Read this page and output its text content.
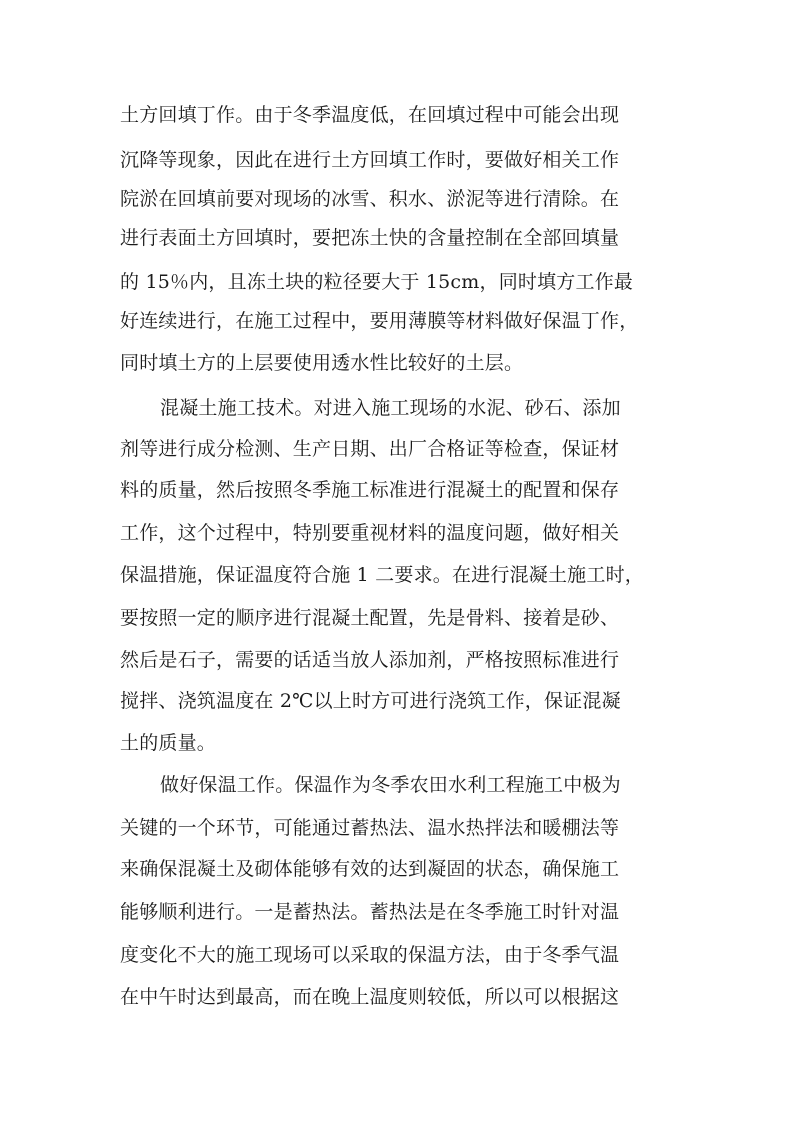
土方回填丁作。由于冬季温度低，在回填过程中可能会出现
沉降等现象，因此在进行土方回填工作时，要做好相关工作
院淤在回填前要对现场的冰雪、积水、淤泥等进行清除。在
进行表面土方回填时，要把冻土快的含量控制在全部回填量
的 15％内，且冻土块的粒径要大于 15cm，同时填方工作最
好连续进行，在施工过程中，要用薄膜等材料做好保温丁作，
同时填土方的上层要使用透水性比较好的土层。
混凝土施工技术。对进入施工现场的水泥、砂石、添加
剂等进行成分检测、生产日期、出厂合格证等检查，保证材
料的质量，然后按照冬季施工标准进行混凝土的配置和保存
工作，这个过程中，特别要重视材料的温度问题，做好相关
保温措施，保证温度符合施 1 二要求。在进行混凝土施工时，
要按照一定的顺序进行混凝土配置，先是骨料、接着是砂、
然后是石子，需要的话适当放人添加剂，严格按照标准进行
搅拌、浇筑温度在 2℃以上时方可进行浇筑工作，保证混凝
土的质量。
做好保温工作。保温作为冬季农田水利工程施工中极为
关键的一个环节，可能通过蓄热法、温水热拌法和暖棚法等
来确保混凝土及砌体能够有效的达到凝固的状态，确保施工
能够顺利进行。一是蓄热法。蓄热法是在冬季施工时针对温
度变化不大的施工现场可以采取的保温方法，由于冬季气温
在中午时达到最高，而在晚上温度则较低，所以可以根据这
